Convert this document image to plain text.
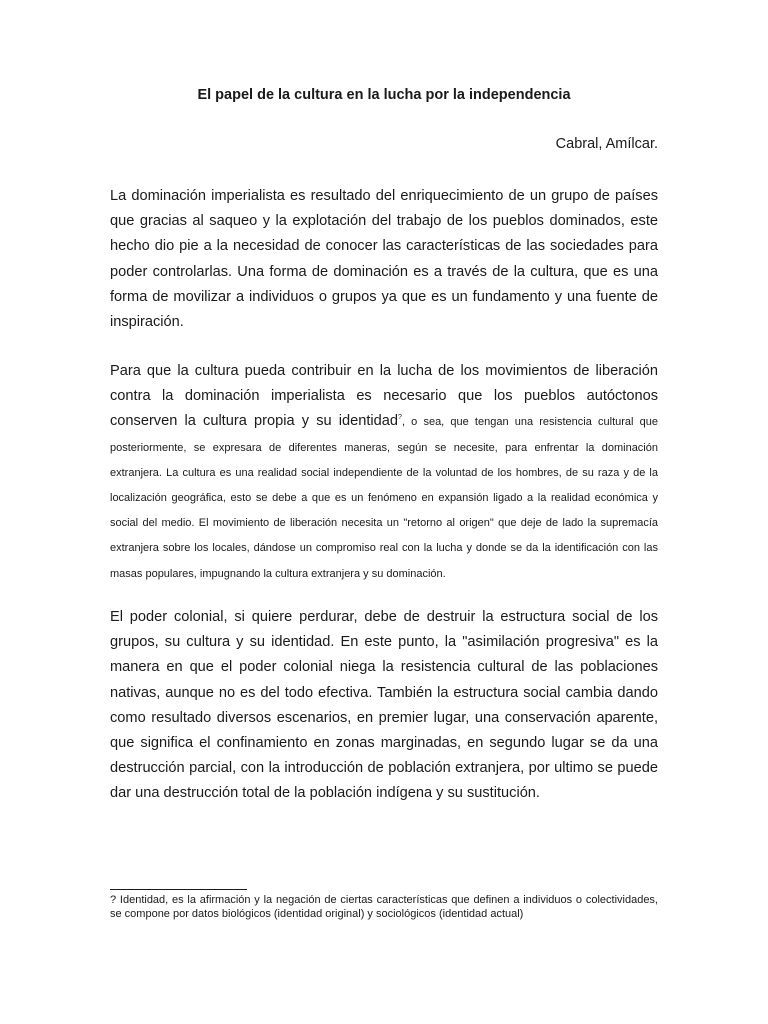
El papel de la cultura en la lucha por la independencia

Cabral, Amílcar.

La dominación imperialista es resultado del enriquecimiento de un grupo de países que gracias al saqueo y la explotación del trabajo de los pueblos dominados, este hecho dio pie a la necesidad de conocer las características de las sociedades para poder controlarlas. Una forma de dominación es a través de la cultura, que es una forma de movilizar a individuos o grupos ya que es un fundamento y una fuente de inspiración.

Para que la cultura pueda contribuir en la lucha de los movimientos de liberación contra la dominación imperialista es necesario que los pueblos autóctonos conserven la cultura propia y su identidad?, o sea, que tengan una resistencia cultural que posteriormente, se expresara de diferentes maneras, según se necesite, para enfrentar la dominación extranjera. La cultura es una realidad social independiente de la voluntad de los hombres, de su raza y de la localización geográfica, esto se debe a que es un fenómeno en expansión ligado a la realidad económica y social del medio. El movimiento de liberación necesita un "retorno al origen" que deje de lado la supremacía extranjera sobre los locales, dándose un compromiso real con la lucha y donde se da la identificación con las masas populares, impugnando la cultura extranjera y su dominación.

El poder colonial, si quiere perdurar, debe de destruir la estructura social de los grupos, su cultura y su identidad. En este punto, la "asimilación progresiva" es la manera en que el poder colonial niega la resistencia cultural de las poblaciones nativas, aunque no es del todo efectiva. También la estructura social cambia dando como resultado diversos escenarios, en premier lugar, una conservación aparente, que significa el confinamiento en zonas marginadas, en segundo lugar se da una destrucción parcial, con la introducción de población extranjera, por ultimo se puede dar una destrucción total de la población indígena y su sustitución.

? Identidad, es la afirmación y la negación de ciertas características que definen a individuos o colectividades, se compone por datos biológicos (identidad original) y sociológicos (identidad actual)
